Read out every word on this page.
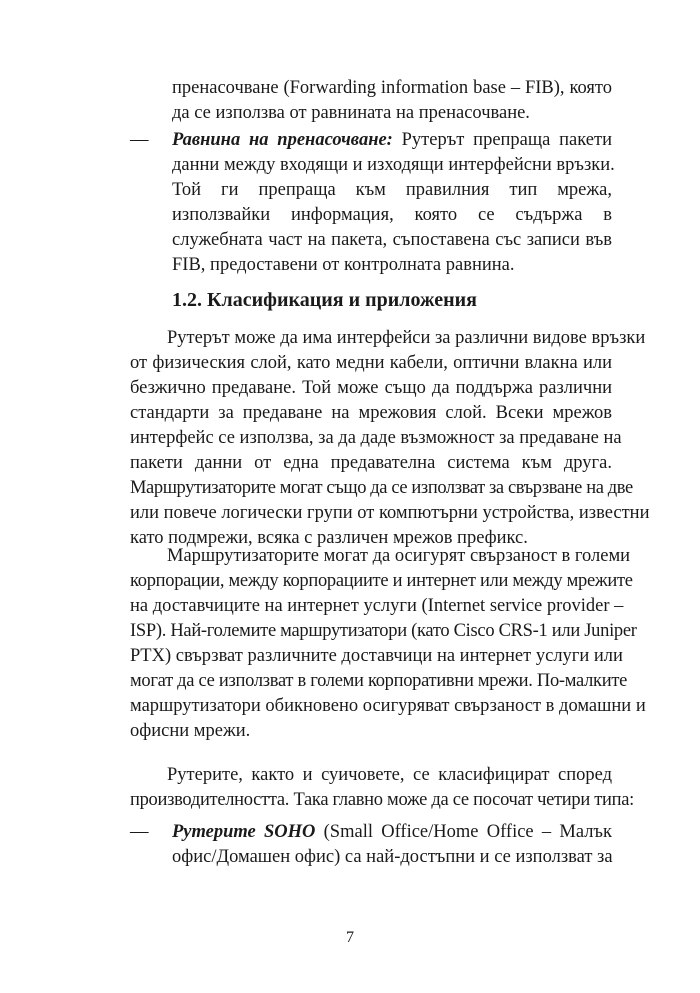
пренасочване (Forwarding information base – FIB), която
да се използва от равнината на пренасочване.
—	Равнина на пренасочване: Рутерът препраща пакети
данни между входящи и изходящи интерфейсни връзки.
Той ги препраща към правилния тип мрежа,
използвайки информация, която се съдържа в
служебната част на пакета, съпоставена със записи във
FIB, предоставени от контролната равнина.
1.2. Класификация и приложения
Рутерът може да има интерфейси за различни видове връзки
от физическия слой, като медни кабели, оптични влакна или
безжично предаване. Той може също да поддържа различни
стандарти за предаване на мрежовия слой. Всеки мрежов
интерфейс се използва, за да даде възможност за предаване на
пакети данни от една предавателна система към друга.
Маршрутизаторите могат също да се използват за свързване на две
или повече логически групи от компютърни устройства, известни
като подмрежи, всяка с различен мрежов префикс.
Маршрутизаторите могат да осигурят свързаност в големи
корпорации, между корпорациите и интернет или между мрежите
на доставчиците на интернет услуги (Internet service provider –
ISP). Най-големите маршрутизатори (като Cisco CRS-1 или Juniper
PTX) свързват различните доставчици на интернет услуги или
могат да се използват в големи корпоративни мрежи. По-малките
маршрутизатори обикновено осигуряват свързаност в домашни и
офисни мрежи.
Рутерите, както и суичовете, се класифицират според
производителността. Така главно може да се посочат четири типа:
—	Рутерите SOHO (Small Office/Home Office – Малък
офис/Домашен офис) са най-достъпни и се използват за
7
